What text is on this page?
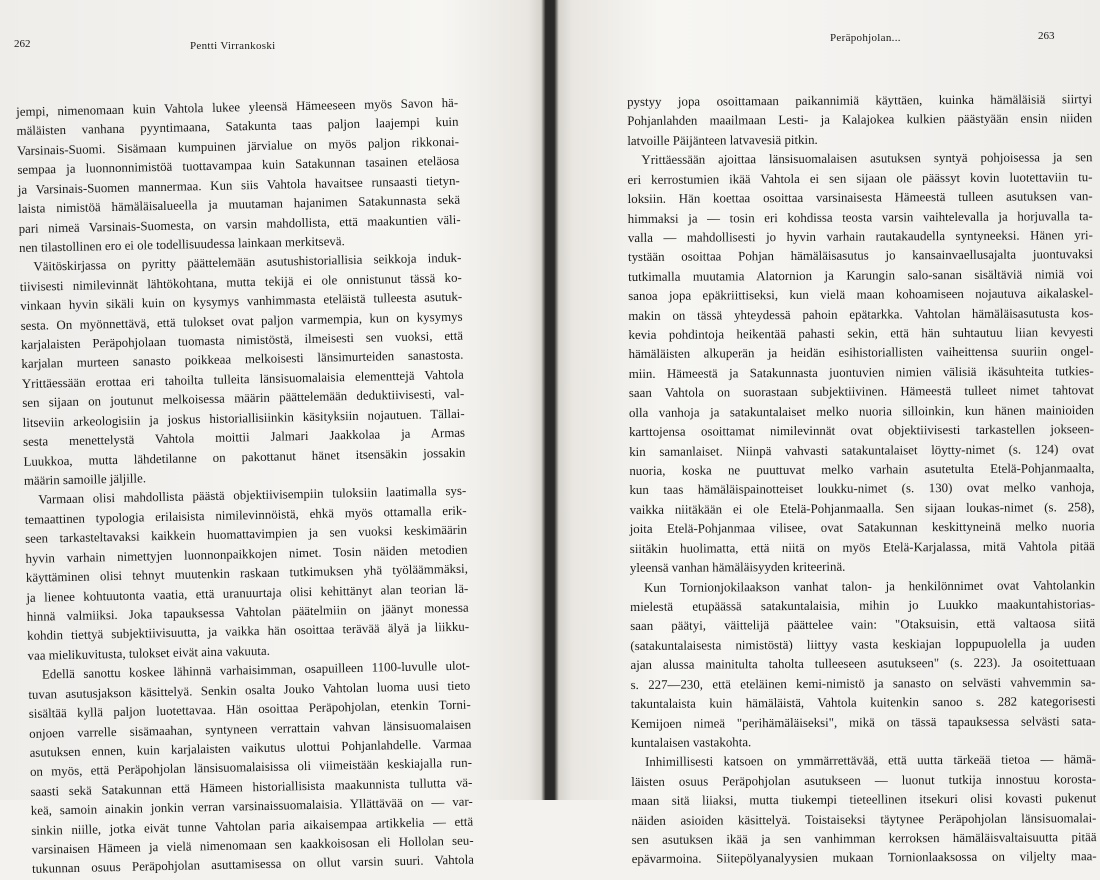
262	Pentti Virrankoski
jempi, nimenomaan kuin Vahtola lukee yleensä Hämeeseen myös Savon hä-
mäläisten vanhana pyyntimaana, Satakunta taas paljon laajempi kuin
Varsinais-Suomi. Sisämaan kumpuinen järvialue on myös paljon rikkonai-
sempaa ja luonnonnimistöä tuottavampaa kuin Satakunnan tasainen eteläosa
ja Varsinais-Suomen mannermaa. Kun siis Vahtola havaitsee runsaasti tietyn-
laista nimistöä hämäläisalueella ja muutaman hajanimen Satakunnasta sekä
pari nimeä Varsinais-Suomesta, on varsin mahdollista, että maakuntien väli-
nen tilastollinen ero ei ole todellisuudessa lainkaan merkitsevä.
Väitöskirjassa on pyritty päättelemään asutushistoriallisia seikkoja induk-
tiivisesti nimilevinnät lähtökohtana, mutta tekijä ei ole onnistunut tässä ko-
vinkaan hyvin sikäli kuin on kysymys vanhimmasta eteläistä tulleesta asutuk-
sesta. On myönnettävä, että tulokset ovat paljon varmempia, kun on kysymys
karjalaisten Peräpohjolaan tuomasta nimistöstä, ilmeisesti sen vuoksi, että
karjalan murteen sanasto poikkeaa melkoisesti länsimurteiden sanastosta.
Yrittäessään erottaa eri tahoilta tulleita länsisuomalaisia elementtejä Vahtola
sen sijaan on joutunut melkoisessa määrin päättelemään deduktiivisesti, val-
litseviin arkeologisiin ja joskus historiallisiinkin käsityksiin nojautuen. Tällai-
sesta menettelystä Vahtola moittii Jalmari Jaakkolaa ja Armas
Luukkoa, mutta lähdetilanne on pakottanut hänet itsensäkin jossakin
määrin samoille jäljille.
Varmaan olisi mahdollista päästä objektiivisempiin tuloksiin laatimalla sys-
temaattinen typologia erilaisista nimilevinnöistä, ehkä myös ottamalla erik-
seen tarkasteltavaksi kaikkein huomattavimpien ja sen vuoksi keskimäärin
hyvin varhain nimettyjen luonnonpaikkojen nimet. Tosin näiden metodien
käyttäminen olisi tehnyt muutenkin raskaan tutkimuksen yhä työläämmäksi,
ja lienee kohtuutonta vaatia, että uranuurtaja olisi kehittänyt alan teorian lä-
hinnä valmiiksi. Joka tapauksessa Vahtolan päätelmiin on jäänyt monessa
kohdin tiettyä subjektiivisuutta, ja vaikka hän osoittaa terävää älyä ja liikku-
vaa mielikuvitusta, tulokset eivät aina vakuuta.
Edellä sanottu koskee lähinnä varhaisimman, osapuilleen 1100-luvulle ulot-
tuvan asutusjakson käsittelyä. Senkin osalta Jouko Vahtolan luoma uusi tieto
sisältää kyllä paljon luotettavaa. Hän osoittaa Peräpohjolan, etenkin Torni-
onjoen varrelle sisämaahan, syntyneen verrattain vahvan länsisuomalaisen
asutuksen ennen, kuin karjalaisten vaikutus ulottui Pohjanlahdelle. Varmaa
on myös, että Peräpohjolan länsisuomalaisissa oli viimeistään keskiajalla run-
saasti sekä Satakunnan että Hämeen historiallisista maakunnista tullutta vä-
keä, samoin ainakin jonkin verran varsinaissuomalaisia. Yllättävää on — var-
sinkin niille, jotka eivät tunne Vahtolan paria aikaisempaa artikkelia — että
varsinaisen Hämeen ja vielä nimenomaan sen kaakkoisosan eli Hollolan seu-
tukunnan osuus Peräpohjolan asuttamisessa on ollut varsin suuri. Vahtola
Peräpohjolan...	263
pystyy jopa osoittamaan paikannimiä käyttäen, kuinka hämäläisiä siirtyi
Pohjanlahden maailmaan Lesti- ja Kalajokea kulkien päästyään ensin niiden
latvoille Päijänteen latvavesiä pitkin.
Yrittäessään ajoittaa länsisuomalaisen asutuksen syntyä pohjoisessa ja sen
eri kerrostumien ikää Vahtola ei sen sijaan ole päässyt kovin luotettaviin tu-
loksiin. Hän koettaa osoittaa varsinaisesta Hämeestä tulleen asutuksen van-
himmaksi ja — tosin eri kohdissa teosta varsin vaihtelevalla ja horjuvalla ta-
valla — mahdollisesti jo hyvin varhain rautakaudella syntyneeksi. Hänen yri-
tystään osoittaa Pohjan hämäläisasutus jo kansainvaellusajalta juontuvaksi
tutkimalla muutamia Alatornion ja Karungin salo-sanan sisältäviä nimiä voi
sanoa jopa epäkriittiseksi, kun vielä maan kohoamiseen nojautuva aikalaskel-
makin on tässä yhteydessä pahoin epätarkka. Vahtolan hämäläisasutusta kos-
kevia pohdintoja heikentää pahasti sekin, että hän suhtautuu liian kevyesti
hämäläisten alkuperän ja heidän esihistoriallisten vaiheittensa suuriin ongel-
miin. Hämeestä ja Satakunnasta juontuvien nimien välisiä ikäsuhteita tutkies-
saan Vahtola on suorastaan subjektiivinen. Hämeestä tulleet nimet tahtovat
olla vanhoja ja satakuntalaiset melko nuoria silloinkin, kun hänen mainioiden
karttojensa osoittamat nimilevinnät ovat objektiivisesti tarkastellen jokseen-
kin samanlaiset. Niinpä vahvasti satakuntalaiset löytty-nimet (s. 124) ovat
nuoria, koska ne puuttuvat melko varhain asutetulta Etelä-Pohjanmaalta,
kun taas hämäläispainotteiset loukku-nimet (s. 130) ovat melko vanhoja,
vaikka niitäkään ei ole Etelä-Pohjanmaalla. Sen sijaan loukas-nimet (s. 258),
joita Etelä-Pohjanmaa vilisee, ovat Satakunnan keskittyneinä melko nuoria
siitäkin huolimatta, että niitä on myös Etelä-Karjalassa, mitä Vahtola pitää
yleensä vanhan hämäläisyyden kriteerinä.
Kun Tornionjokilaakson vanhat talon- ja henkilönnimet ovat Vahtolankin
mielestä etupäässä satakuntalaisia, mihin jo Luukko maakuntahistorias-
saan päätyi, väittelijä päättelee vain: "Otaksuisin, että valtaosa siitä
(satakuntalaisesta nimistöstä) liittyy vasta keskiajan loppupuolella ja uuden
ajan alussa mainitulta taholta tulleeseen asutukseen" (s. 223). Ja osoitettuaan
s. 227—230, että eteläinen kemi-nimistö ja sanasto on selvästi vahvemmin sa-
takuntalaista kuin hämäläistä, Vahtola kuitenkin sanoo s. 282 kategorisesti
Kemijoen nimeä "perihämäläiseksi", mikä on tässä tapauksessa selvästi sata-
kuntalaisen vastakohta.
Inhimillisesti katsoen on ymmärrettävää, että uutta tärkeää tietoa — hämä-
läisten osuus Peräpohjolan asutukseen — luonut tutkija innostuu korosta-
maan sitä liiaksi, mutta tiukempi tieteellinen itsekuri olisi kovasti pukenut
näiden asioiden käsittelyä. Toistaiseksi täytynee Peräpohjolan länsisuomalai-
sen asutuksen ikää ja sen vanhimman kerroksen hämäläisvaltaisuutta pitää
epävarmoina. Siitepölyanalyysien mukaan Tornionlaaksossa on viljelty maa-
